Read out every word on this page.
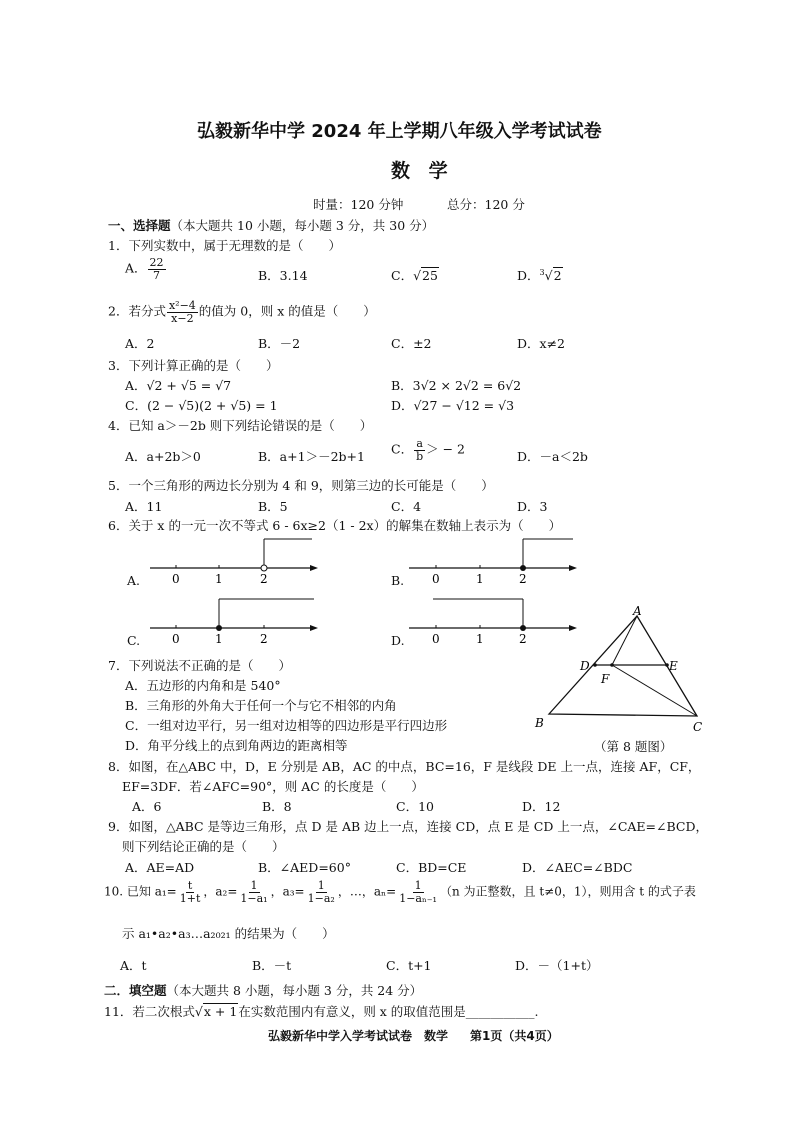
弘毅新华中学 2024 年上学期八年级入学考试试卷
数 学
时量：120 分钟	总分：120 分
一、选择题（本大题共 10 小题，每小题 3 分，共 30 分）
1．下列实数中，属于无理数的是（　　）
A． $\frac{22}{7}$	B．3.14	C．√25	D．$^3$√2
2．若分式 $\frac{\text{x²−4}}{x-2}$ 的值为 0，则 x 的值是（　　）
A．2	B．－2	C．±2	D．x≠2
3．下列计算正确的是（　　）
A．√2 + √5 = √7	B．3√2 × 2√2 = 6√2
C．(2 − √5)(2 + √5) = 1	D．√27 − √12 = √3
4．已知 a＞－2b 则下列结论错误的是（　　）
A．a+2b＞0	B．a+1＞－2b+1 C． $\frac{a}{b}$ ＞ − 2	D．－a＜2b
5．一个三角形的两边长分别为 4 和 9，则第三边的长可能是（　　）
A．11	B．5	C．4	D．3
6．关于 x 的一元一次不等式 6 - 6x≥2（1 - 2x）的解集在数轴上表示为（　　）
A.	0	1	2	B. 0	1	2
C.	0	1	2	D. 0	1	2
7．下列说法不正确的是（　　）
A．五边形的内角和是 540°
B．三角形的外角大于任何一个与它不相邻的内角
C．一组对边平行，另一组对边相等的四边形是平行四边形
D．角平分线上的点到角两边的距离相等
A
B	C
D	E
F
（第 8 题图）
8．如图，在△ABC 中，D，E 分别是 AB，AC 的中点，BC=16，F 是线段 DE 上一点，连接 AF，CF，
EF=3DF．若∠AFC=90°，则 AC 的长度是（　　）
A．6	B．8	C．10	D．12
9．如图，△ABC 是等边三角形，点 D 是 AB 边上一点，连接 CD，点 E 是 CD 上一点，∠CAE=∠BCD，
则下列结论正确的是（　　）
A．AE=AD	B．∠AED=60°	C．BD=CE	D．∠AEC=∠BDC
10. 已知 $a_1= \frac{t}{1+t}$ ，$a_2= \frac{1}{\text{1−a₁}}$ ，$a_3= \frac{1}{\text{1−a₂}}$ ，…，$a_n= \frac{1}{\text{1−aₙ₋₁}} (n$ 为正整数，且 t≠0，1），则用含 t 的式子表
示 a₁•a₂•a₃…a₂₀₂₁ 的结果为（　　）
A．t	B．－t	C．t+1	D．－（1+t）
二．填空题（本大题共 8 小题，每小题 3 分，共 24 分）
11．若二次根式√x + 1在实数范围内有意义，则 x 的取值范围是___________.
弘毅新华中学入学考试试卷　数学 第1页（共4页）
